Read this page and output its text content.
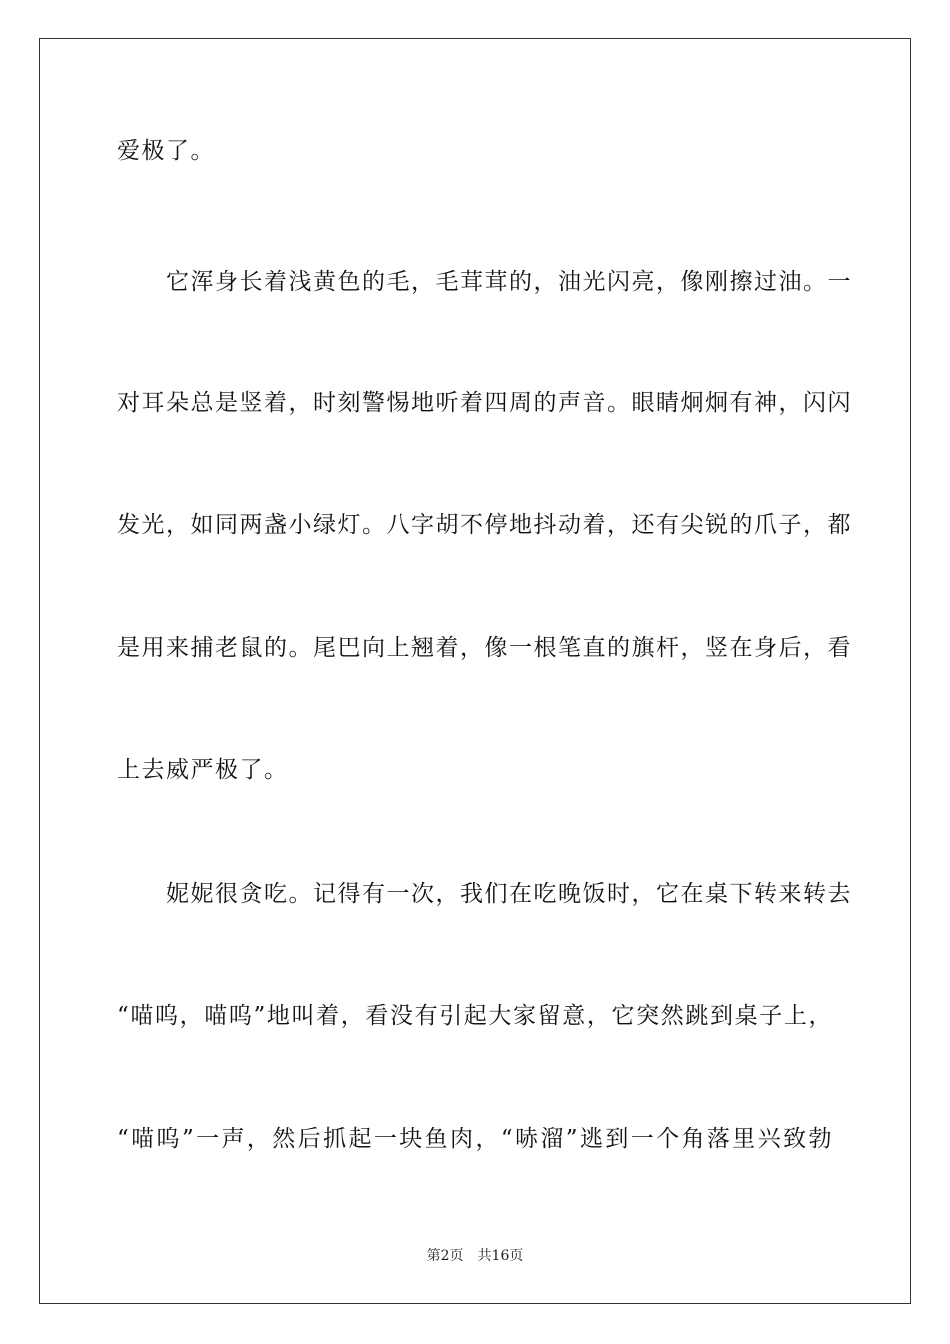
爱极了。
　　它浑身长着浅黄色的毛，毛茸茸的，油光闪亮，像刚擦过油。一
对耳朵总是竖着，时刻警惕地听着四周的声音。眼睛炯炯有神，闪闪
发光，如同两盏小绿灯。八字胡不停地抖动着，还有尖锐的爪子，都
是用来捕老鼠的。尾巴向上翘着，像一根笔直的旗杆，竖在身后，看
上去威严极了。
　　妮妮很贪吃。记得有一次，我们在吃晚饭时，它在桌下转来转去
“喵呜，喵呜”地叫着，看没有引起大家留意，它突然跳到桌子上，
“喵呜”一声，然后抓起一块鱼肉，“哧溜”逃到一个角落里兴致勃
第2页 共16页
